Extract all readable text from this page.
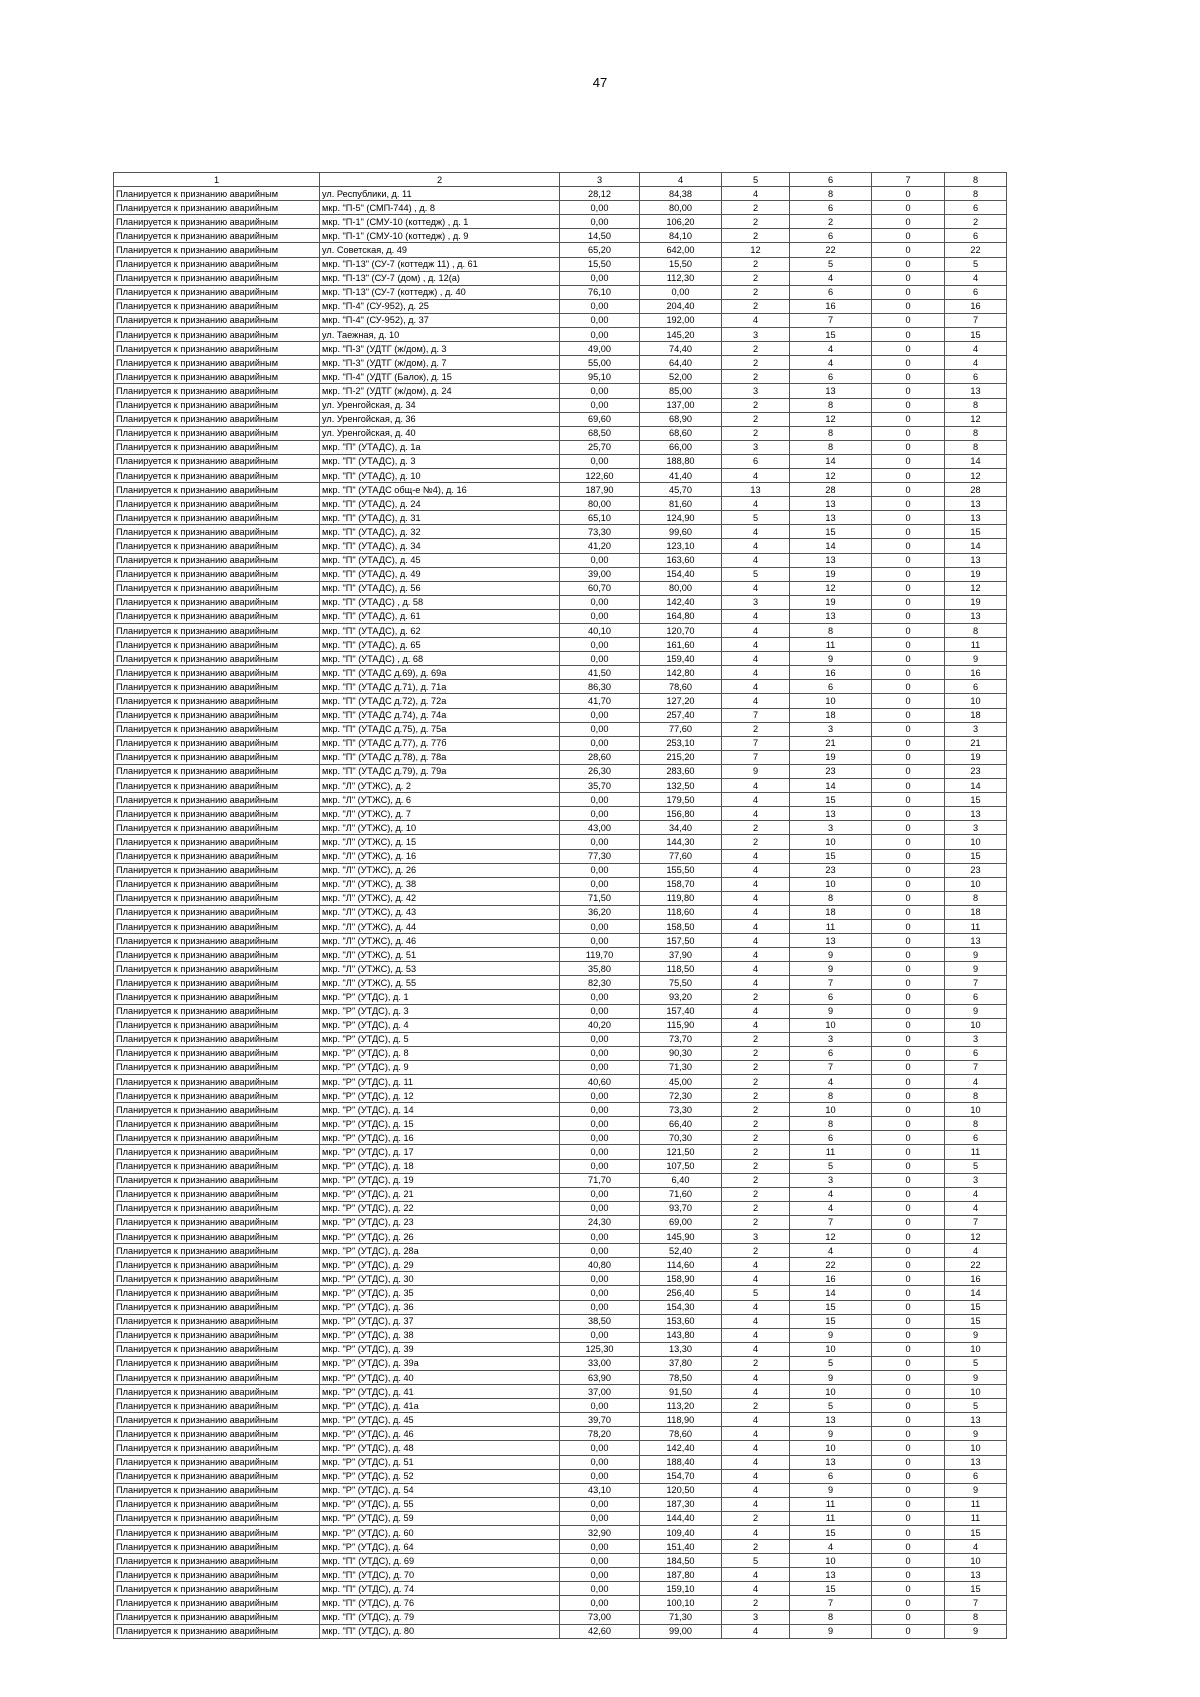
47
1	2	3	4	5	6	7	8
Планируется к признанию аварийным	ул. Республики, д. 11	28,12	84,38	4	8	0	8
Планируется к признанию аварийным	мкр. "П-5" (СМП-744) , д. 8	0,00	80,00	2	6	0	6
Планируется к признанию аварийным	мкр. "П-1" (СМУ-10 (коттедж) , д. 1	0,00	106,20	2	2	0	2
Планируется к признанию аварийным	мкр. "П-1" (СМУ-10 (коттедж) , д. 9	14,50	84,10	2	6	0	6
Планируется к признанию аварийным	ул. Советская, д. 49	65,20	642,00	12	22	0	22
Планируется к признанию аварийным	мкр. "П-13" (СУ-7 (коттедж 11) , д. 61	15,50	15,50	2	5	0	5
Планируется к признанию аварийным	мкр. "П-13" (СУ-7 (дом) , д. 12(а)	0,00	112,30	2	4	0	4
Планируется к признанию аварийным	мкр. "П-13" (СУ-7 (коттедж) , д. 40	76,10	0,00	2	6	0	6
Планируется к признанию аварийным	мкр. "П-4" (СУ-952), д. 25	0,00	204,40	2	16	0	16
Планируется к признанию аварийным	мкр. "П-4" (СУ-952), д. 37	0,00	192,00	4	7	0	7
Планируется к признанию аварийным	ул. Таежная, д. 10	0,00	145,20	3	15	0	15
Планируется к признанию аварийным	мкр. "П-3" (УДТГ (ж/дом), д. 3	49,00	74,40	2	4	0	4
Планируется к признанию аварийным	мкр. "П-3" (УДТГ (ж/дом), д. 7	55,00	64,40	2	4	0	4
Планируется к признанию аварийным	мкр. "П-4" (УДТГ (Балок), д. 15	95,10	52,00	2	6	0	6
Планируется к признанию аварийным	мкр. "П-2" (УДТГ (ж/дом), д. 24	0,00	85,00	3	13	0	13
Планируется к признанию аварийным	ул. Уренгойская, д. 34	0,00	137,00	2	8	0	8
Планируется к признанию аварийным	ул. Уренгойская, д. 36	69,60	68,90	2	12	0	12
Планируется к признанию аварийным	ул. Уренгойская, д. 40	68,50	68,60	2	8	0	8
Планируется к признанию аварийным	мкр. "П" (УТАДС), д. 1а	25,70	66,00	3	8	0	8
Планируется к признанию аварийным	мкр. "П" (УТАДС), д. 3	0,00	188,80	6	14	0	14
Планируется к признанию аварийным	мкр. "П" (УТАДС), д. 10	122,60	41,40	4	12	0	12
Планируется к признанию аварийным	мкр. "П" (УТАДС общ-е №4), д. 16	187,90	45,70	13	28	0	28
Планируется к признанию аварийным	мкр. "П" (УТАДС), д. 24	80,00	81,60	4	13	0	13
Планируется к признанию аварийным	мкр. "П" (УТАДС), д. 31	65,10	124,90	5	13	0	13
Планируется к признанию аварийным	мкр. "П" (УТАДС), д. 32	73,30	99,60	4	15	0	15
Планируется к признанию аварийным	мкр. "П" (УТАДС), д. 34	41,20	123,10	4	14	0	14
Планируется к признанию аварийным	мкр. "П" (УТАДС), д. 45	0,00	163,60	4	13	0	13
Планируется к признанию аварийным	мкр. "П" (УТАДС), д. 49	39,00	154,40	5	19	0	19
Планируется к признанию аварийным	мкр. "П" (УТАДС), д. 56	60,70	80,00	4	12	0	12
Планируется к признанию аварийным	мкр. "П" (УТАДС) , д. 58	0,00	142,40	3	19	0	19
Планируется к признанию аварийным	мкр. "П" (УТАДС), д. 61	0,00	164,80	4	13	0	13
Планируется к признанию аварийным	мкр. "П" (УТАДС), д. 62	40,10	120,70	4	8	0	8
Планируется к признанию аварийным	мкр. "П" (УТАДС), д. 65	0,00	161,60	4	11	0	11
Планируется к признанию аварийным	мкр. "П" (УТАДС) , д. 68	0,00	159,40	4	9	0	9
Планируется к признанию аварийным	мкр. "П" (УТАДС д.69), д. 69а	41,50	142,80	4	16	0	16
Планируется к признанию аварийным	мкр. "П" (УТАДС д.71), д. 71а	86,30	78,60	4	6	0	6
Планируется к признанию аварийным	мкр. "П" (УТАДС д.72), д. 72а	41,70	127,20	4	10	0	10
Планируется к признанию аварийным	мкр. "П" (УТАДС д.74), д. 74а	0,00	257,40	7	18	0	18
Планируется к признанию аварийным	мкр. "П" (УТАДС д.75), д. 75а	0,00	77,60	2	3	0	3
Планируется к признанию аварийным	мкр. "П" (УТАДС д.77), д. 77б	0,00	253,10	7	21	0	21
Планируется к признанию аварийным	мкр. "П" (УТАДС д.78), д. 78а	28,60	215,20	7	19	0	19
Планируется к признанию аварийным	мкр. "П" (УТАДС д.79), д. 79а	26,30	283,60	9	23	0	23
Планируется к признанию аварийным	мкр. "Л" (УТЖС), д. 2	35,70	132,50	4	14	0	14
Планируется к признанию аварийным	мкр. "Л" (УТЖС), д. 6	0,00	179,50	4	15	0	15
Планируется к признанию аварийным	мкр. "Л" (УТЖС), д. 7	0,00	156,80	4	13	0	13
Планируется к признанию аварийным	мкр. "Л" (УТЖС), д. 10	43,00	34,40	2	3	0	3
Планируется к признанию аварийным	мкр. "Л" (УТЖС), д. 15	0,00	144,30	2	10	0	10
Планируется к признанию аварийным	мкр. "Л" (УТЖС), д. 16	77,30	77,60	4	15	0	15
Планируется к признанию аварийным	мкр. "Л" (УТЖС), д. 26	0,00	155,50	4	23	0	23
Планируется к признанию аварийным	мкр. "Л" (УТЖС), д. 38	0,00	158,70	4	10	0	10
Планируется к признанию аварийным	мкр. "Л" (УТЖС), д. 42	71,50	119,80	4	8	0	8
Планируется к признанию аварийным	мкр. "Л" (УТЖС), д. 43	36,20	118,60	4	18	0	18
Планируется к признанию аварийным	мкр. "Л" (УТЖС), д. 44	0,00	158,50	4	11	0	11
Планируется к признанию аварийным	мкр. "Л" (УТЖС), д. 46	0,00	157,50	4	13	0	13
Планируется к признанию аварийным	мкр. "Л" (УТЖС), д. 51	119,70	37,90	4	9	0	9
Планируется к признанию аварийным	мкр. "Л" (УТЖС), д. 53	35,80	118,50	4	9	0	9
Планируется к признанию аварийным	мкр. "Л" (УТЖС), д. 55	82,30	75,50	4	7	0	7
Планируется к признанию аварийным	мкр. "Р" (УТДС), д. 1	0,00	93,20	2	6	0	6
Планируется к признанию аварийным	мкр. "Р" (УТДС), д. 3	0,00	157,40	4	9	0	9
Планируется к признанию аварийным	мкр. "Р" (УТДС), д. 4	40,20	115,90	4	10	0	10
Планируется к признанию аварийным	мкр. "Р" (УТДС), д. 5	0,00	73,70	2	3	0	3
Планируется к признанию аварийным	мкр. "Р" (УТДС), д. 8	0,00	90,30	2	6	0	6
Планируется к признанию аварийным	мкр. "Р" (УТДС), д. 9	0,00	71,30	2	7	0	7
Планируется к признанию аварийным	мкр. "Р" (УТДС), д. 11	40,60	45,00	2	4	0	4
Планируется к признанию аварийным	мкр. "Р" (УТДС), д. 12	0,00	72,30	2	8	0	8
Планируется к признанию аварийным	мкр. "Р" (УТДС), д. 14	0,00	73,30	2	10	0	10
Планируется к признанию аварийным	мкр. "Р" (УТДС), д. 15	0,00	66,40	2	8	0	8
Планируется к признанию аварийным	мкр. "Р" (УТДС), д. 16	0,00	70,30	2	6	0	6
Планируется к признанию аварийным	мкр. "Р" (УТДС), д. 17	0,00	121,50	2	11	0	11
Планируется к признанию аварийным	мкр. "Р" (УТДС), д. 18	0,00	107,50	2	5	0	5
Планируется к признанию аварийным	мкр. "Р" (УТДС), д. 19	71,70	6,40	2	3	0	3
Планируется к признанию аварийным	мкр. "Р" (УТДС), д. 21	0,00	71,60	2	4	0	4
Планируется к признанию аварийным	мкр. "Р" (УТДС), д. 22	0,00	93,70	2	4	0	4
Планируется к признанию аварийным	мкр. "Р" (УТДС), д. 23	24,30	69,00	2	7	0	7
Планируется к признанию аварийным	мкр. "Р" (УТДС), д. 26	0,00	145,90	3	12	0	12
Планируется к признанию аварийным	мкр. "Р" (УТДС), д. 28а	0,00	52,40	2	4	0	4
Планируется к признанию аварийным	мкр. "Р" (УТДС), д. 29	40,80	114,60	4	22	0	22
Планируется к признанию аварийным	мкр. "Р" (УТДС), д. 30	0,00	158,90	4	16	0	16
Планируется к признанию аварийным	мкр. "Р" (УТДС), д. 35	0,00	256,40	5	14	0	14
Планируется к признанию аварийным	мкр. "Р" (УТДС), д. 36	0,00	154,30	4	15	0	15
Планируется к признанию аварийным	мкр. "Р" (УТДС), д. 37	38,50	153,60	4	15	0	15
Планируется к признанию аварийным	мкр. "Р" (УТДС), д. 38	0,00	143,80	4	9	0	9
Планируется к признанию аварийным	мкр. "Р" (УТДС), д. 39	125,30	13,30	4	10	0	10
Планируется к признанию аварийным	мкр. "Р" (УТДС), д. 39а	33,00	37,80	2	5	0	5
Планируется к признанию аварийным	мкр. "Р" (УТДС), д. 40	63,90	78,50	4	9	0	9
Планируется к признанию аварийным	мкр. "Р" (УТДС), д. 41	37,00	91,50	4	10	0	10
Планируется к признанию аварийным	мкр. "Р" (УТДС), д. 41а	0,00	113,20	2	5	0	5
Планируется к признанию аварийным	мкр. "Р" (УТДС), д. 45	39,70	118,90	4	13	0	13
Планируется к признанию аварийным	мкр. "Р" (УТДС), д. 46	78,20	78,60	4	9	0	9
Планируется к признанию аварийным	мкр. "Р" (УТДС), д. 48	0,00	142,40	4	10	0	10
Планируется к признанию аварийным	мкр. "Р" (УТДС), д. 51	0,00	188,40	4	13	0	13
Планируется к признанию аварийным	мкр. "Р" (УТДС), д. 52	0,00	154,70	4	6	0	6
Планируется к признанию аварийным	мкр. "Р" (УТДС), д. 54	43,10	120,50	4	9	0	9
Планируется к признанию аварийным	мкр. "Р" (УТДС), д. 55	0,00	187,30	4	11	0	11
Планируется к признанию аварийным	мкр. "Р" (УТДС), д. 59	0,00	144,40	2	11	0	11
Планируется к признанию аварийным	мкр. "Р" (УТДС), д. 60	32,90	109,40	4	15	0	15
Планируется к признанию аварийным	мкр. "Р" (УТДС), д. 64	0,00	151,40	2	4	0	4
Планируется к признанию аварийным	мкр. "П" (УТДС), д. 69	0,00	184,50	5	10	0	10
Планируется к признанию аварийным	мкр. "П" (УТДС), д. 70	0,00	187,80	4	13	0	13
Планируется к признанию аварийным	мкр. "П" (УТДС), д. 74	0,00	159,10	4	15	0	15
Планируется к признанию аварийным	мкр. "П" (УТДС), д. 76	0,00	100,10	2	7	0	7
Планируется к признанию аварийным	мкр. "П" (УТДС), д. 79	73,00	71,30	3	8	0	8
Планируется к признанию аварийным	мкр. "П" (УТДС), д. 80	42,60	99,00	4	9	0	9
